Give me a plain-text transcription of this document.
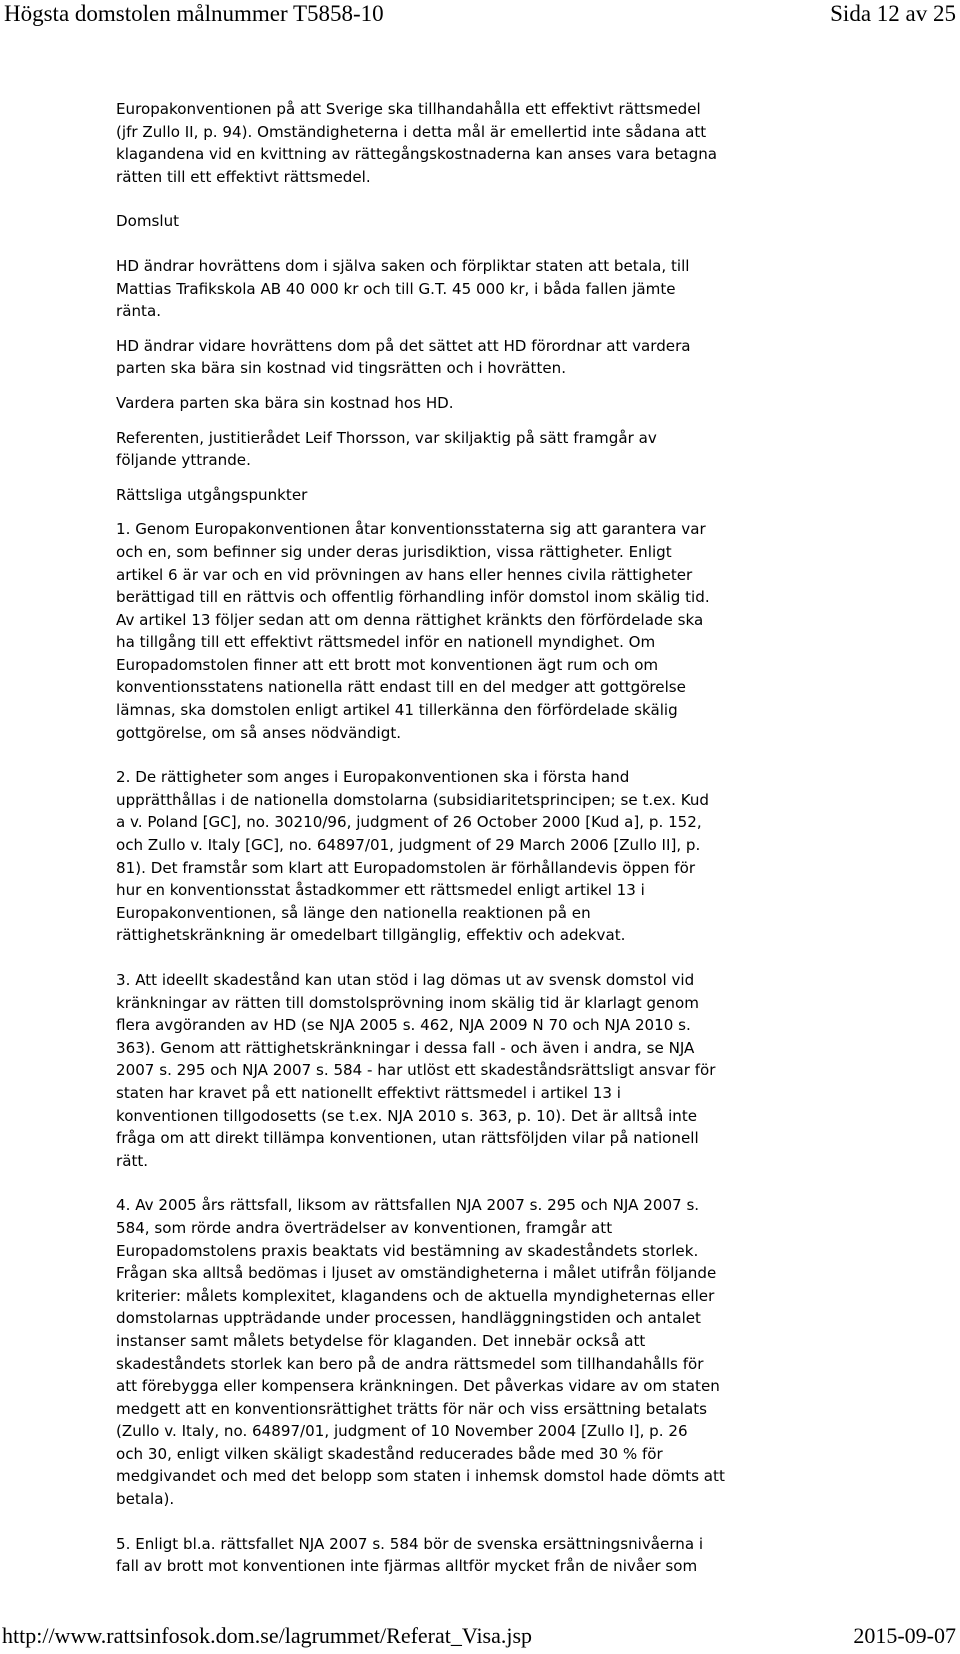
Högsta domstolen målnummer T5858-10	Sida 12 av 25

Europakonventionen på att Sverige ska tillhandahålla ett effektivt rättsmedel
(jfr Zullo II, p. 94). Omständigheterna i detta mål är emellertid inte sådana att
klagandena vid en kvittning av rättegångskostnaderna kan anses vara betagna
rätten till ett effektivt rättsmedel.

Domslut

HD ändrar hovrättens dom i själva saken och förpliktar staten att betala, till
Mattias Trafikskola AB 40 000 kr och till G.T. 45 000 kr, i båda fallen jämte
ränta.

HD ändrar vidare hovrättens dom på det sättet att HD förordnar att vardera
parten ska bära sin kostnad vid tingsrätten och i hovrätten.

Vardera parten ska bära sin kostnad hos HD.

Referenten, justitierådet Leif Thorsson, var skiljaktig på sätt framgår av
följande yttrande.

Rättsliga utgångspunkter

1. Genom Europakonventionen åtar konventionsstaterna sig att garantera var
och en, som befinner sig under deras jurisdiktion, vissa rättigheter. Enligt
artikel 6 är var och en vid prövningen av hans eller hennes civila rättigheter
berättigad till en rättvis och offentlig förhandling inför domstol inom skälig tid.
Av artikel 13 följer sedan att om denna rättighet kränkts den förfördelade ska
ha tillgång till ett effektivt rättsmedel inför en nationell myndighet. Om
Europadomstolen finner att ett brott mot konventionen ägt rum och om
konventionsstatens nationella rätt endast till en del medger att gottgörelse
lämnas, ska domstolen enligt artikel 41 tillerkänna den förfördelade skälig
gottgörelse, om så anses nödvändigt.

2. De rättigheter som anges i Europakonventionen ska i första hand
upprätthållas i de nationella domstolarna (subsidiaritetsprincipen; se t.ex. Kud
a v. Poland [GC], no. 30210/96, judgment of 26 October 2000 [Kud a], p. 152,
och Zullo v. Italy [GC], no. 64897/01, judgment of 29 March 2006 [Zullo II], p.
81). Det framstår som klart att Europadomstolen är förhållandevis öppen för
hur en konventionsstat åstadkommer ett rättsmedel enligt artikel 13 i
Europakonventionen, så länge den nationella reaktionen på en
rättighetskränkning är omedelbart tillgänglig, effektiv och adekvat.

3. Att ideellt skadestånd kan utan stöd i lag dömas ut av svensk domstol vid
kränkningar av rätten till domstolsprövning inom skälig tid är klarlagt genom
flera avgöranden av HD (se NJA 2005 s. 462, NJA 2009 N 70 och NJA 2010 s.
363). Genom att rättighetskränkningar i dessa fall - och även i andra, se NJA
2007 s. 295 och NJA 2007 s. 584 - har utlöst ett skadeståndsrättsligt ansvar för
staten har kravet på ett nationellt effektivt rättsmedel i artikel 13 i
konventionen tillgodosetts (se t.ex. NJA 2010 s. 363, p. 10). Det är alltså inte
fråga om att direkt tillämpa konventionen, utan rättsföljden vilar på nationell
rätt.

4. Av 2005 års rättsfall, liksom av rättsfallen NJA 2007 s. 295 och NJA 2007 s.
584, som rörde andra överträdelser av konventionen, framgår att
Europadomstolens praxis beaktats vid bestämning av skadeståndets storlek.
Frågan ska alltså bedömas i ljuset av omständigheterna i målet utifrån följande
kriterier: målets komplexitet, klagandens och de aktuella myndigheternas eller
domstolarnas uppträdande under processen, handläggningstiden och antalet
instanser samt målets betydelse för klaganden. Det innebär också att
skadeståndets storlek kan bero på de andra rättsmedel som tillhandahålls för
att förebygga eller kompensera kränkningen. Det påverkas vidare av om staten
medgett att en konventionsrättighet trätts för när och viss ersättning betalats
(Zullo v. Italy, no. 64897/01, judgment of 10 November 2004 [Zullo I], p. 26
och 30, enligt vilken skäligt skadestånd reducerades både med 30 % för
medgivandet och med det belopp som staten i inhemsk domstol hade dömts att
betala).

5. Enligt bl.a. rättsfallet NJA 2007 s. 584 bör de svenska ersättningsnivåerna i
fall av brott mot konventionen inte fjärmas alltför mycket från de nivåer som

http://www.rattsinfosok.dom.se/lagrummet/Referat_Visa.jsp	2015-09-07
